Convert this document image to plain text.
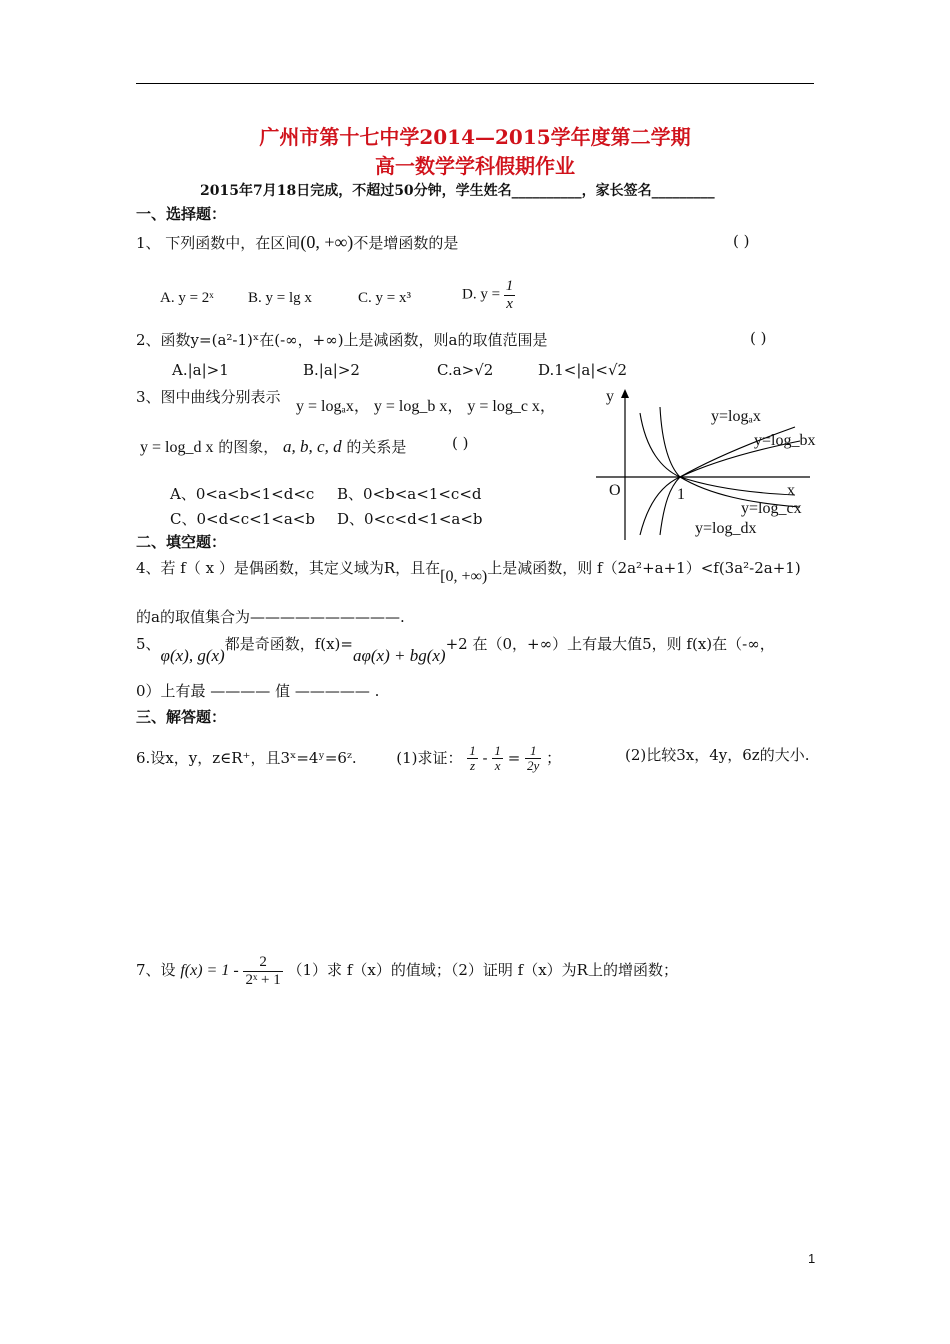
广州市第十七中学2014—2015学年度第二学期
高一数学学科假期作业
2015年7月18日完成，不超过50分钟，学生姓名__________，家长签名_________
一、选择题：
1、 下列函数中，在区间(0, +∞)不是增函数的是	( )
A. y = 2ˣ B. y = lg x	C. y = x³	D. $y = \frac{1}{x}$
2、函数y=(a²-1)ˣ在(-∞，+∞)上是减函数，则a的取值范围是	( )
A.|a|>1	B.|a|>2	C.a>√2	D.1<|a|<√2
3、图中曲线分别表示
y = logₐx， y = log_b x， y = log_c x，
y = log_d x 的图象， a, b, c, d 的关系是	( )
A、0<a<b<1<d<c B、0<b<a<1<c<d
C、0<d<c<1<a<b D、0<c<d<1<a<b
y
x
O	1
y=logₐx
y=log_bx
y=log_cx
y=log_dx
二、填空题：
4、若 f（ x ）是偶函数，其定义域为R，且在[0, +∞)上是减函数，则 f（2a²+a+1）<f(3a²-2a+1)
的a的取值集合为——————————.
5、φ(x), g(x)都是奇函数，f(x)=aφ(x) + bg(x)+2 在（0，+∞）上有最大值5，则 f(x)在（-∞，
0）上有最 ———— 值 ————— .
三、解答题：
6.设x，y，z∈R⁺，且3ˣ=4ʸ=6ᶻ.	(1)求证： $\frac{1}{z} - \frac{1}{x} = \frac{1}{2y}$ ；	(2)比较3x，4y，6z的大小.
7、设 $f(x) = 1 - \frac{2}{\text{2ˣ + 1}} (1)$求 f（x）的值域；（2）证明 f（x）为R上的增函数；
1
